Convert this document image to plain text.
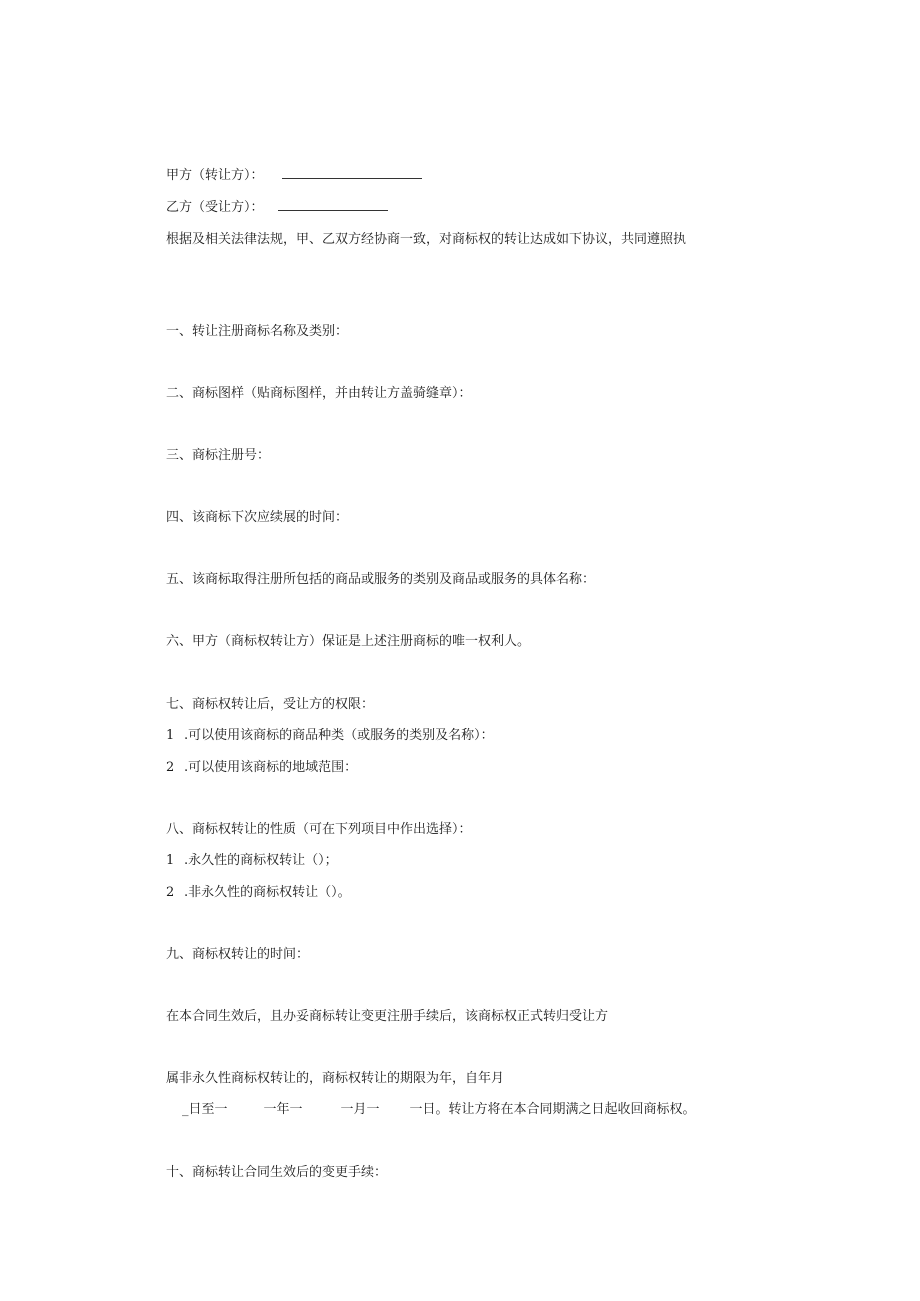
甲方（转让方）：
乙方（受让方）：
根据及相关法律法规，甲、乙双方经协商一致，对商标权的转让达成如下协议，共同遵照执
一、转让注册商标名称及类别：
二、商标图样（贴商标图样，并由转让方盖骑缝章）：
三、商标注册号：
四、该商标下次应续展的时间：
五、该商标取得注册所包括的商品或服务的类别及商品或服务的具体名称：
六、甲方（商标权转让方）保证是上述注册商标的唯一权利人。
七、商标权转让后，受让方的权限：
1 .可以使用该商标的商品种类（或服务的类别及名称）：
2 .可以使用该商标的地域范围：
八、商标权转让的性质（可在下列项目中作出选择）：
1 .永久性的商标权转让（）；
2 .非永久性的商标权转让（）。
九、商标权转让的时间：
在本合同生效后，且办妥商标转让变更注册手续后，该商标权正式转归受让方
属非永久性商标权转让的，商标权转让的期限为年，自年月
_日至一	一年一	一月一 一日。转让方将在本合同期满之日起收回商标权。
十、商标转让合同生效后的变更手续：
